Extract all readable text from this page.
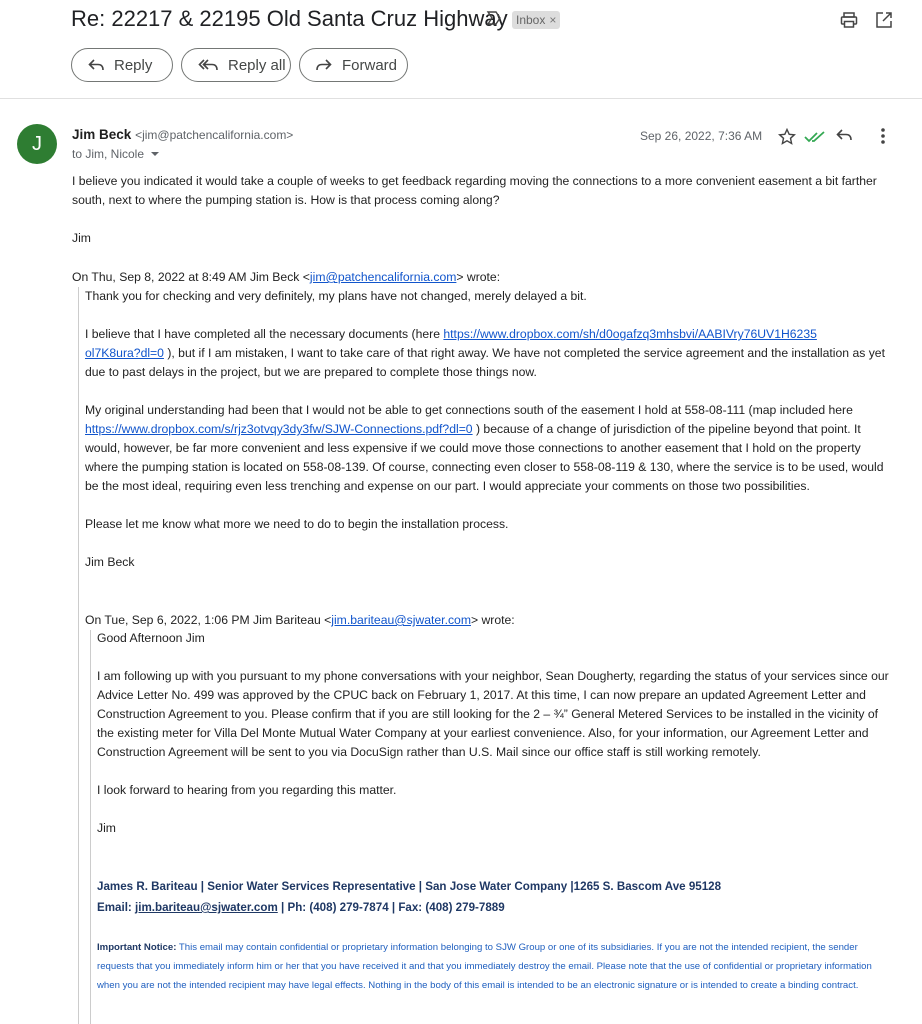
Re: 22217 & 22195 Old Santa Cruz Highway Inbox ×
Reply	Reply all	Forward
J	Jim Beck <jim@patchencalifornia.com>
to Jim, Nicole
Sep 26, 2022, 7:36 AM

I believe you indicated it would take a couple of weeks to get feedback regarding moving the connections to a more convenient easement a bit farther south, next to where the pumping station is. How is that process coming along?

Jim

On Thu, Sep 8, 2022 at 8:49 AM Jim Beck <jim@patchencalifornia.com> wrote:

Thank you for checking and very definitely, my plans have not changed, merely delayed a bit.

I believe that I have completed all the necessary documents (here https://www.dropbox.com/sh/d0ogafzq3mhsbvi/AABIVry76UV1H6235
ol7K8ura?dl=0 ), but if I am mistaken, I want to take care of that right away. We have not completed the service agreement and the installation as yet due to past delays in the project, but we are prepared to complete those things now.

My original understanding had been that I would not be able to get connections south of the easement I hold at 558-08-111 (map included here https://www.dropbox.com/s/rjz3otvqy3dy3fw/SJW-Connections.pdf?dl=0 ) because of a change of jurisdiction of the pipeline beyond that point. It would, however, be far more convenient and less expensive if we could move those connections to another easement that I hold on the property where the pumping station is located on 558-08-139. Of course, connecting even closer to 558-08-119 & 130, where the service is to be used, would be the most ideal, requiring even less trenching and expense on our part. I would appreciate your comments on those two possibilities.

Please let me know what more we need to do to begin the installation process.

Jim Beck

On Tue, Sep 6, 2022, 1:06 PM Jim Bariteau <jim.bariteau@sjwater.com> wrote:

Good Afternoon Jim

I am following up with you pursuant to my phone conversations with your neighbor, Sean Dougherty, regarding the status of your services since our Advice Letter No. 499 was approved by the CPUC back on February 1, 2017. At this time, I can now prepare an updated Agreement Letter and Construction Agreement to you. Please confirm that if you are still looking for the 2 – ¾” General Metered Services to be installed in the vicinity of the existing meter for Villa Del Monte Mutual Water Company at your earliest convenience. Also, for your information, our Agreement Letter and Construction Agreement will be sent to you via DocuSign rather than U.S. Mail since our office staff is still working remotely.

I look forward to hearing from you regarding this matter.

Jim

James R. Bariteau | Senior Water Services Representative | San Jose Water Company |1265 S. Bascom Ave 95128
Email: jim.bariteau@sjwater.com | Ph: (408) 279-7874 | Fax: (408) 279-7889
Important Notice: This email may contain confidential or proprietary information belonging to SJW Group or one of its subsidiaries. If you are not the intended recipient, the sender requests that you immediately inform him or her that you have received it and that you immediately destroy the email. Please note that the use of confidential or proprietary information when you are not the intended recipient may have legal effects. Nothing in the body of this email is intended to be an electronic signature or is intended to create a binding contract.
